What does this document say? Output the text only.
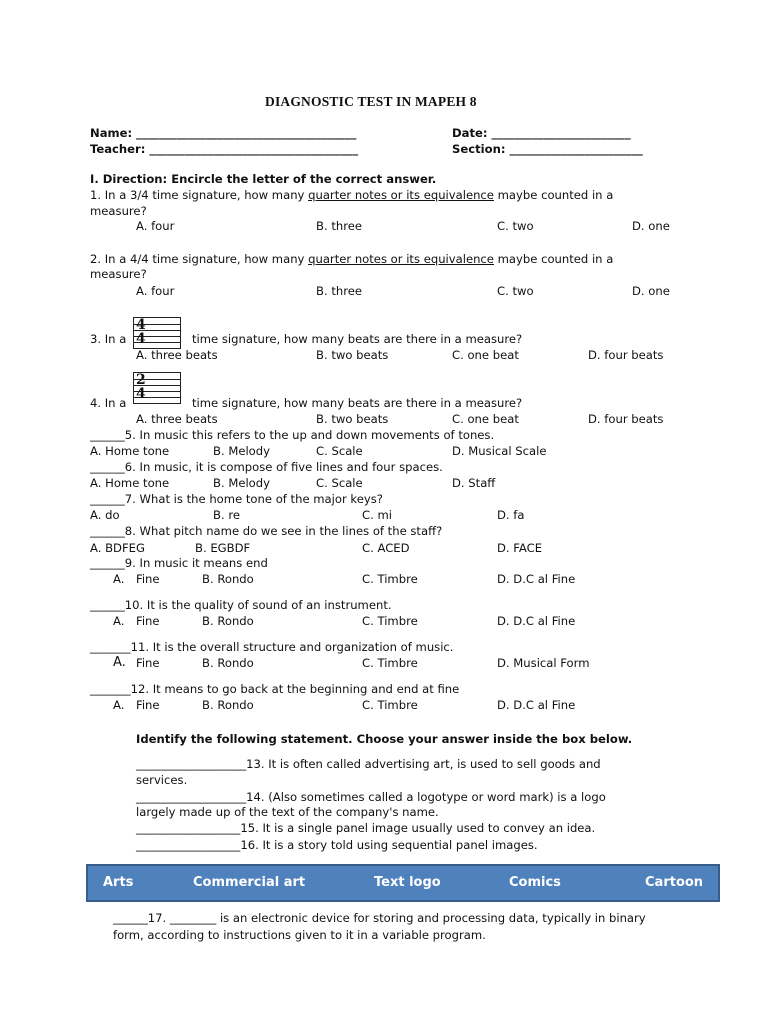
DIAGNOSTIC TEST IN MAPEH 8
Name: ______________________________________	Date: ________________________
Teacher: ____________________________________	Section: _______________________
I. Direction: Encircle the letter of the correct answer.
1. In a 3/4 time signature, how many quarter notes or its equivalence maybe counted in a
measure?
A. four	B. three	C. two	D. one
2. In a 4/4 time signature, how many quarter notes or its equivalence maybe counted in a
measure?
A. four	B. three	C. two	D. one
3. In a
4
4	time signature, how many beats are there in a measure?
A. three beats	B. two beats	C. one beat	D. four beats
4. In a
2
4
time signature, how many beats are there in a measure?
A. three beats	B. two beats	C. one beat	D. four beats
______5. In music this refers to the up and down movements of tones.
A. Home tone	B. Melody	C. Scale	D. Musical Scale
______6. In music, it is compose of five lines and four spaces.
A. Home tone	B. Melody	C. Scale	D. Staff
______7. What is the home tone of the major keys?
A. do	B. re	C. mi	D. fa
______8. What pitch name do we see in the lines of the staff?
A. BDFEG	B. EGBDF	C. ACED	D. FACE
______9. In music it means end
A. Fine	B. Rondo	C. Timbre	D. D.C al Fine
______10. It is the quality of sound of an instrument.
A. Fine	B. Rondo	C. Timbre	D. D.C al Fine
_______11. It is the overall structure and organization of music.
A. Fine	B. Rondo	C. Timbre	D. Musical Form
_______12. It means to go back at the beginning and end at fine
A. Fine	B. Rondo	C. Timbre	D. D.C al Fine
Identify the following statement. Choose your answer inside the box below.
___________________13. It is often called advertising art, is used to sell goods and
services.
___________________14. (Also sometimes called a logotype or word mark) is a logo
largely made up of the text of the company's name.
__________________15. It is a single panel image usually used to convey an idea.
__________________16. It is a story told using sequential panel images.
Arts	Commercial art	Text logo	Comics	Cartoon
______17. ________ is an electronic device for storing and processing data, typically in binary
form, according to instructions given to it in a variable program.
